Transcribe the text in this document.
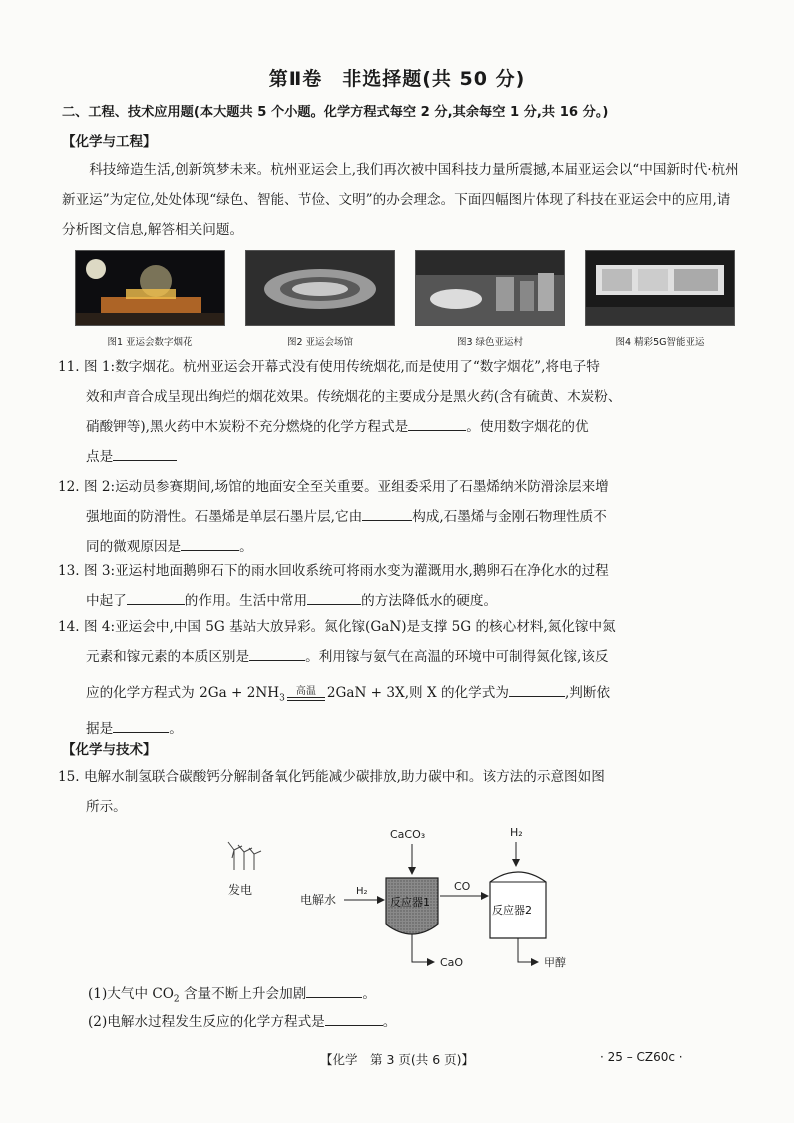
第Ⅱ卷　非选择题(共 50 分)
二、工程、技术应用题(本大题共 5 个小题。化学方程式每空 2 分,其余每空 1 分,共 16 分。)
【化学与工程】
科技缔造生活,创新筑梦未来。杭州亚运会上,我们再次被中国科技力量所震撼,本届亚运会以“中国新时代·杭州新亚运”为定位,处处体现“绿色、智能、节俭、文明”的办会理念。下面四幅图片体现了科技在亚运会中的应用,请分析图文信息,解答相关问题。
图1 亚运会数字烟花	图2 亚运会场馆	图3 绿色亚运村	图4 精彩5G智能亚运
11. 图 1:数字烟花。杭州亚运会开幕式没有使用传统烟花,而是使用了“数字烟花”,将电子特
效和声音合成呈现出绚烂的烟花效果。传统烟花的主要成分是黑火药(含有硫黄、木炭粉、
硝酸钾等),黑火药中木炭粉不充分燃烧的化学方程式是	。使用数字烟花的优
点是
12. 图 2:运动员参赛期间,场馆的地面安全至关重要。亚组委采用了石墨烯纳米防滑涂层来增
强地面的防滑性。石墨烯是单层石墨片层,它由	构成,石墨烯与金刚石物理性质不
同的微观原因是	。
13. 图 3:亚运村地面鹅卵石下的雨水回收系统可将雨水变为灌溉用水,鹅卵石在净化水的过程
中起了	的作用。生活中常用	的方法降低水的硬度。
14. 图 4:亚运会中,中国 5G 基站大放异彩。氮化镓(GaN)是支撑 5G 的核心材料,氮化镓中氮
元素和镓元素的本质区别是	。利用镓与氨气在高温的环境中可制得氮化镓,该反
应的化学方程式为 $2Ga + 2NH_3$
高温 2GaN + 3X,则 X 的化学式为	,判断依
据是	。
【化学与技术】
15. 电解水制氢联合碳酸钙分解制备氧化钙能减少碳排放,助力碳中和。该方法的示意图如图
所示。
发电
电解水
H₂
CaCO₃
反应器1
CO
CaO
H₂
反应器2
甲醇
(1)大气中 $CO_2$ 含量不断上升会加剧	。
(2)电解水过程发生反应的化学方程式是	。
【化学　第 3 页(共 6 页)】	· 25 – CZ60c ·
